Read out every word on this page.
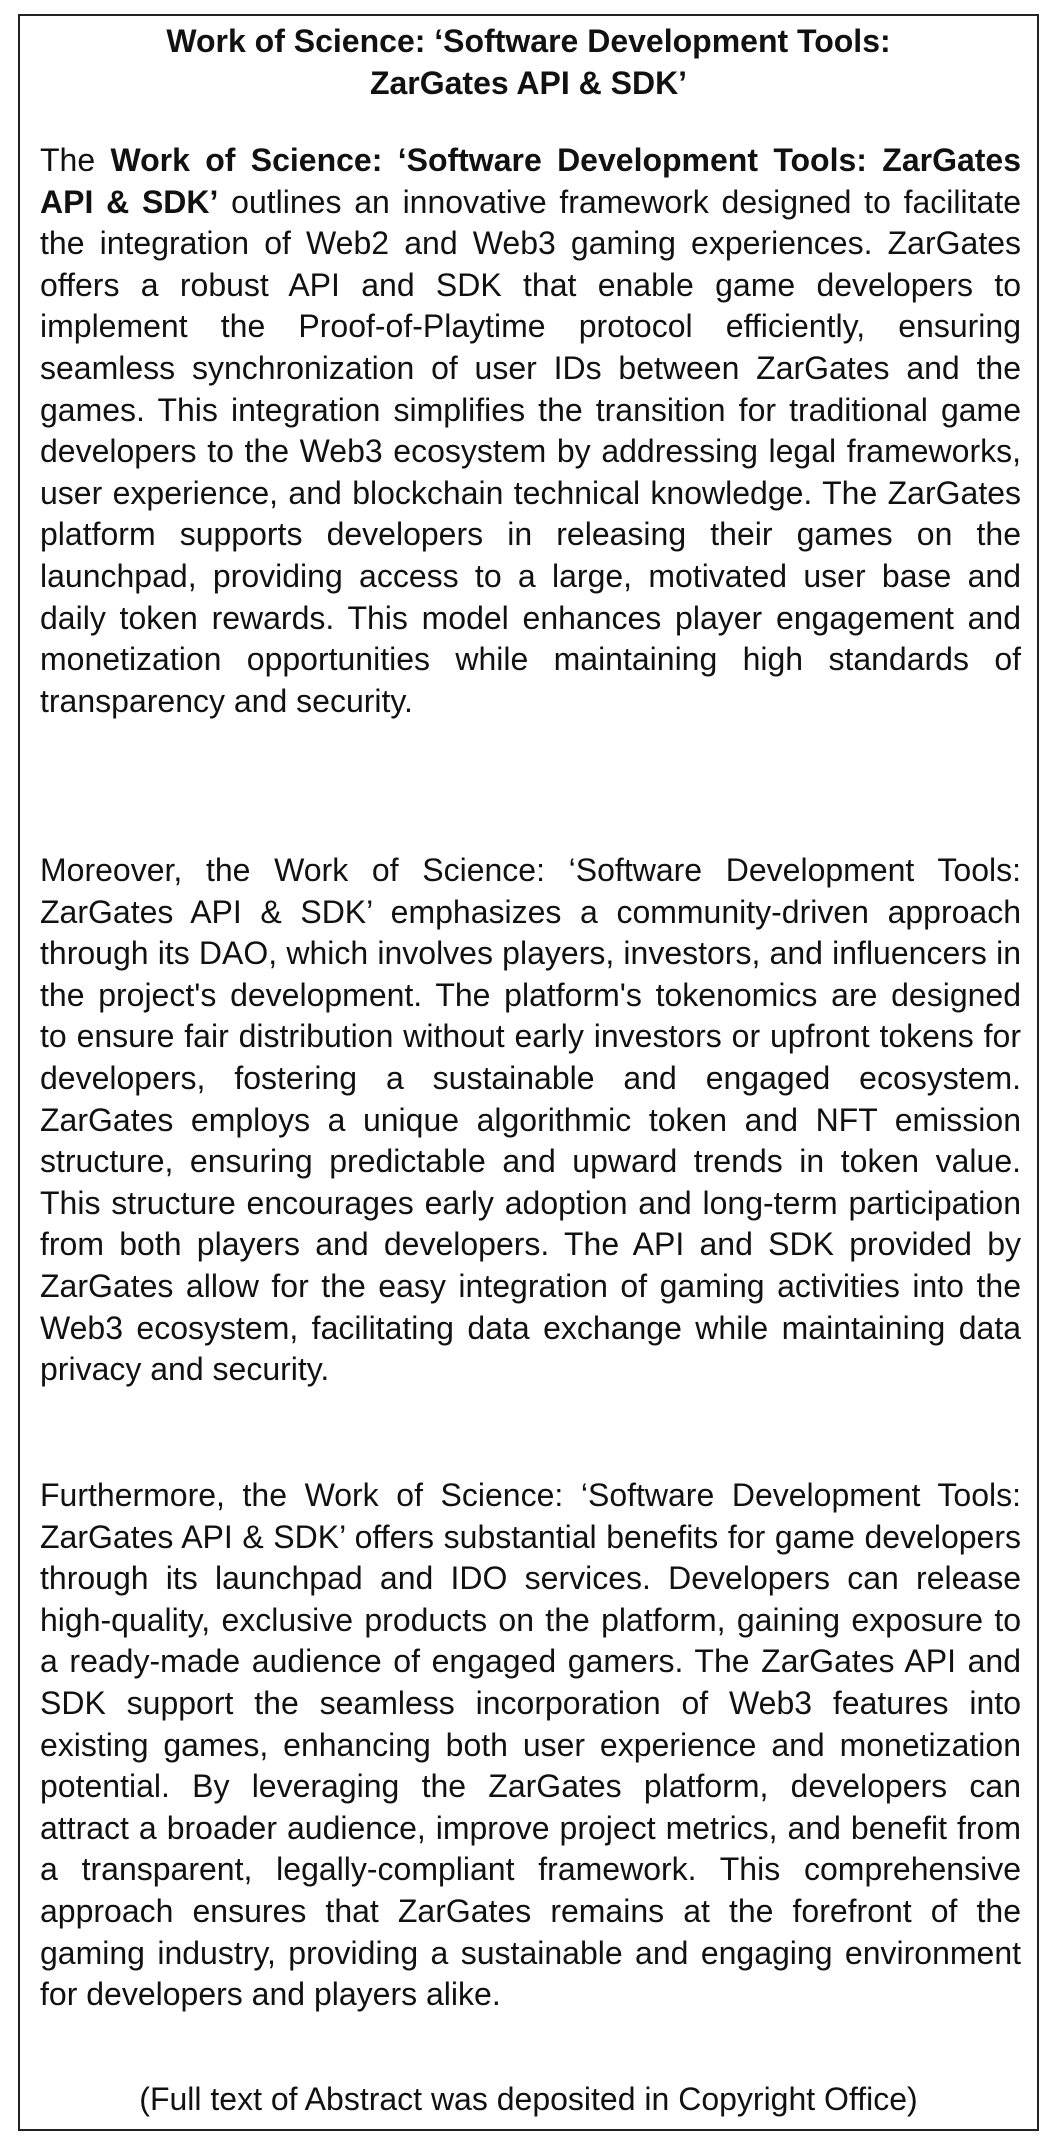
Work of Science: ‘Software Development Tools:
ZarGates API & SDK’

The Work of Science: ‘Software Development Tools: ZarGates API & SDK’ outlines an innovative framework designed to facilitate the integration of Web2 and Web3 gaming experiences. ZarGates offers a robust API and SDK that enable game developers to implement the Proof-of-Playtime protocol efficiently, ensuring seamless synchronization of user IDs between ZarGates and the games. This integration simplifies the transition for traditional game developers to the Web3 ecosystem by addressing legal frameworks, user experience, and blockchain technical knowledge. The ZarGates platform supports developers in releasing their games on the launchpad, providing access to a large, motivated user base and daily token rewards. This model enhances player engagement and monetization opportunities while maintaining high standards of transparency and security.

Moreover, the Work of Science: ‘Software Development Tools: ZarGates API & SDK’ emphasizes a community-driven approach through its DAO, which involves players, investors, and influencers in the project's development. The platform's tokenomics are designed to ensure fair distribution without early investors or upfront tokens for developers, fostering a sustainable and engaged ecosystem. ZarGates employs a unique algorithmic token and NFT emission structure, ensuring predictable and upward trends in token value. This structure encourages early adoption and long-term participation from both players and developers. The API and SDK provided by ZarGates allow for the easy integration of gaming activities into the Web3 ecosystem, facilitating data exchange while maintaining data privacy and security.

Furthermore, the Work of Science: ‘Software Development Tools: ZarGates API & SDK’ offers substantial benefits for game developers through its launchpad and IDO services. Developers can release high-quality, exclusive products on the platform, gaining exposure to a ready-made audience of engaged gamers. The ZarGates API and SDK support the seamless incorporation of Web3 features into existing games, enhancing both user experience and monetization potential. By leveraging the ZarGates platform, developers can attract a broader audience, improve project metrics, and benefit from a transparent, legally-compliant framework. This comprehensive approach ensures that ZarGates remains at the forefront of the gaming industry, providing a sustainable and engaging environment for developers and players alike.

(Full text of Abstract was deposited in Copyright Office)
